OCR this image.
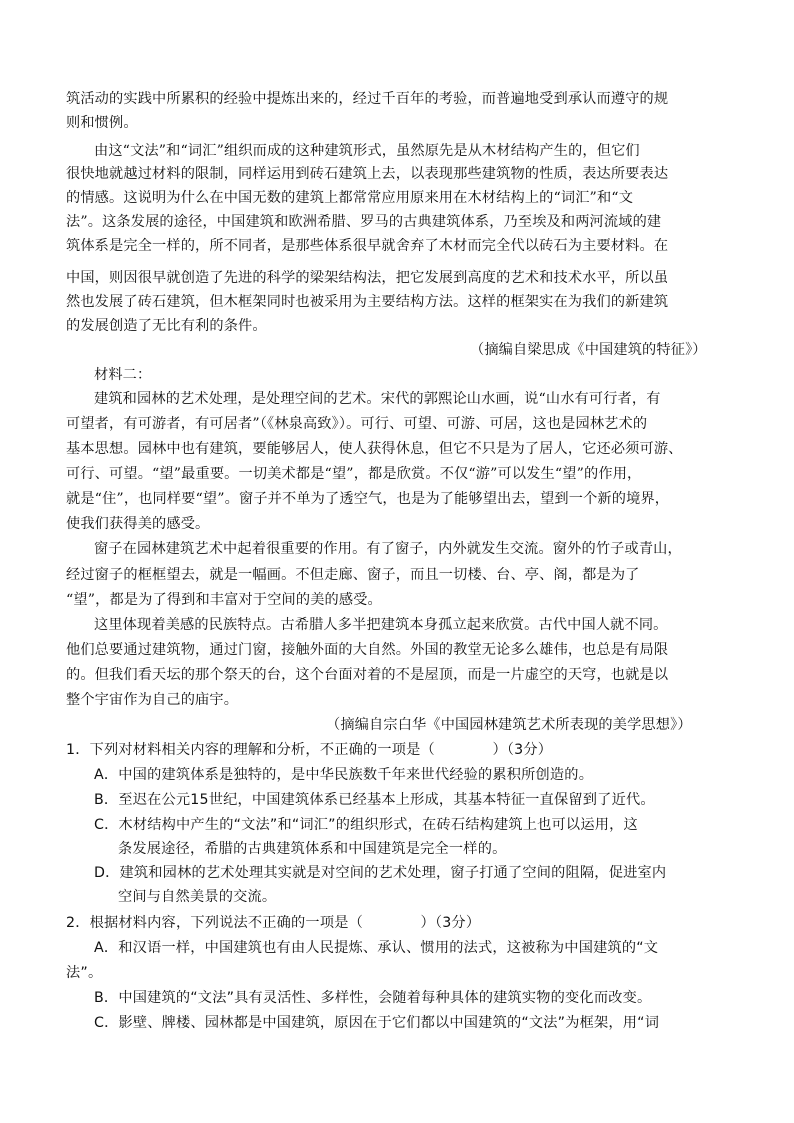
筑活动的实践中所累积的经验中提炼出来的，经过千百年的考验，而普遍地受到承认而遵守的规
则和惯例。
由这“文法”和“词汇”组织而成的这种建筑形式，虽然原先是从木材结构产生的，但它们
很快地就越过材料的限制，同样运用到砖石建筑上去，以表现那些建筑物的性质，表达所要表达
的情感。这说明为什么在中国无数的建筑上都常常应用原来用在木材结构上的“词汇”和“文
法”。这条发展的途径，中国建筑和欧洲希腊、罗马的古典建筑体系，乃至埃及和两河流域的建
筑体系是完全一样的，所不同者，是那些体系很早就舍弃了木材而完全代以砖石为主要材料。在
中国，则因很早就创造了先进的科学的梁架结构法，把它发展到高度的艺术和技术水平，所以虽
然也发展了砖石建筑，但木框架同时也被采用为主要结构方法。这样的框架实在为我们的新建筑
的发展创造了无比有利的条件。
（摘编自梁思成《中国建筑的特征》）
材料二：
建筑和园林的艺术处理，是处理空间的艺术。宋代的郭熙论山水画，说“山水有可行者，有
可望者，有可游者，有可居者”（《林泉高致》）。可行、可望、可游、可居，这也是园林艺术的
基本思想。园林中也有建筑，要能够居人，使人获得休息，但它不只是为了居人，它还必须可游、
可行、可望。“望”最重要。一切美术都是“望”，都是欣赏。不仅“游”可以发生“望”的作用，
就是“住”，也同样要“望”。窗子并不单为了透空气，也是为了能够望出去，望到一个新的境界，
使我们获得美的感受。
窗子在园林建筑艺术中起着很重要的作用。有了窗子，内外就发生交流。窗外的竹子或青山，
经过窗子的框框望去，就是一幅画。不但走廊、窗子，而且一切楼、台、亭、阁，都是为了
“望”，都是为了得到和丰富对于空间的美的感受。
这里体现着美感的民族特点。古希腊人多半把建筑本身孤立起来欣赏。古代中国人就不同。
他们总要通过建筑物，通过门窗，接触外面的大自然。外国的教堂无论多么雄伟，也总是有局限
的。但我们看天坛的那个祭天的台，这个台面对着的不是屋顶，而是一片虚空的天穹，也就是以
整个宇宙作为自己的庙宇。
（摘编自宗白华《中国园林建筑艺术所表现的美学思想》）
1．下列对材料相关内容的理解和分析，不正确的一项是（　　　　）（3分）
A．中国的建筑体系是独特的，是中华民族数千年来世代经验的累积所创造的。
B．至迟在公元15世纪，中国建筑体系已经基本上形成，其基本特征一直保留到了近代。
C．木材结构中产生的“文法”和“词汇”的组织形式，在砖石结构建筑上也可以运用，这
条发展途径，希腊的古典建筑体系和中国建筑是完全一样的。
D．建筑和园林的艺术处理其实就是对空间的艺术处理，窗子打通了空间的阻隔，促进室内
空间与自然美景的交流。
2．根据材料内容，下列说法不正确的一项是（　　　　）（3分）
A．和汉语一样，中国建筑也有由人民提炼、承认、惯用的法式，这被称为中国建筑的“文
法”。
B．中国建筑的“文法”具有灵活性、多样性，会随着每种具体的建筑实物的变化而改变。
C．影壁、牌楼、园林都是中国建筑，原因在于它们都以中国建筑的“文法”为框架，用“词
